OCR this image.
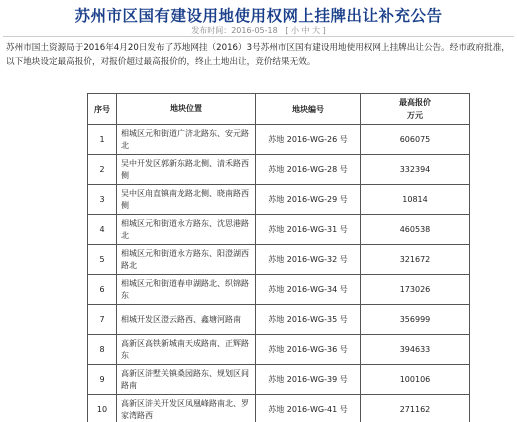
苏州市区国有建设用地使用权网上挂牌出让补充公告
发布时间：2016-05-18 [ 小 中 大 ]
苏州市国土资源局于2016年4月20日发布了苏地网挂（2016）3号苏州市区国有建设用地使用权网上挂牌出让公告。经市政府批准，以下地块设定最高报价，对报价超过最高报价的，终止土地出让，竞价结果无效。
序号	地块位置	地块编号	最高报价
万元

1	相城区元和街道广济北路东、安元路北	苏地 2016-WG-26 号	606075
2	吴中开发区郭新东路北侧、清禾路西侧	苏地 2016-WG-28 号	332394
3	吴中区甪直镇南龙路北侧、晓南路西侧	苏地 2016-WG-29 号	10814
4	相城区元和街道永方路东、沈思港路北	苏地 2016-WG-31 号	460538
5	相城区元和街道永方路东、阳澄湖西路北	苏地 2016-WG-32 号	321672
6	相城区元和街道春申湖路北、织锦路东	苏地 2016-WG-34 号	173026
7	相城开发区澄云路西、鑫塘河路南	苏地 2016-WG-35 号	356999
8	高新区高铁新城南天成路南、正辉路东	苏地 2016-WG-36 号	394633
9	高新区浒墅关镇桑园路东、规划区间路南	苏地 2016-WG-39 号	100106
10	高新区浒关开发区凤凰峰路南北、罗家湾路西	苏地 2016-WG-41 号	271162
